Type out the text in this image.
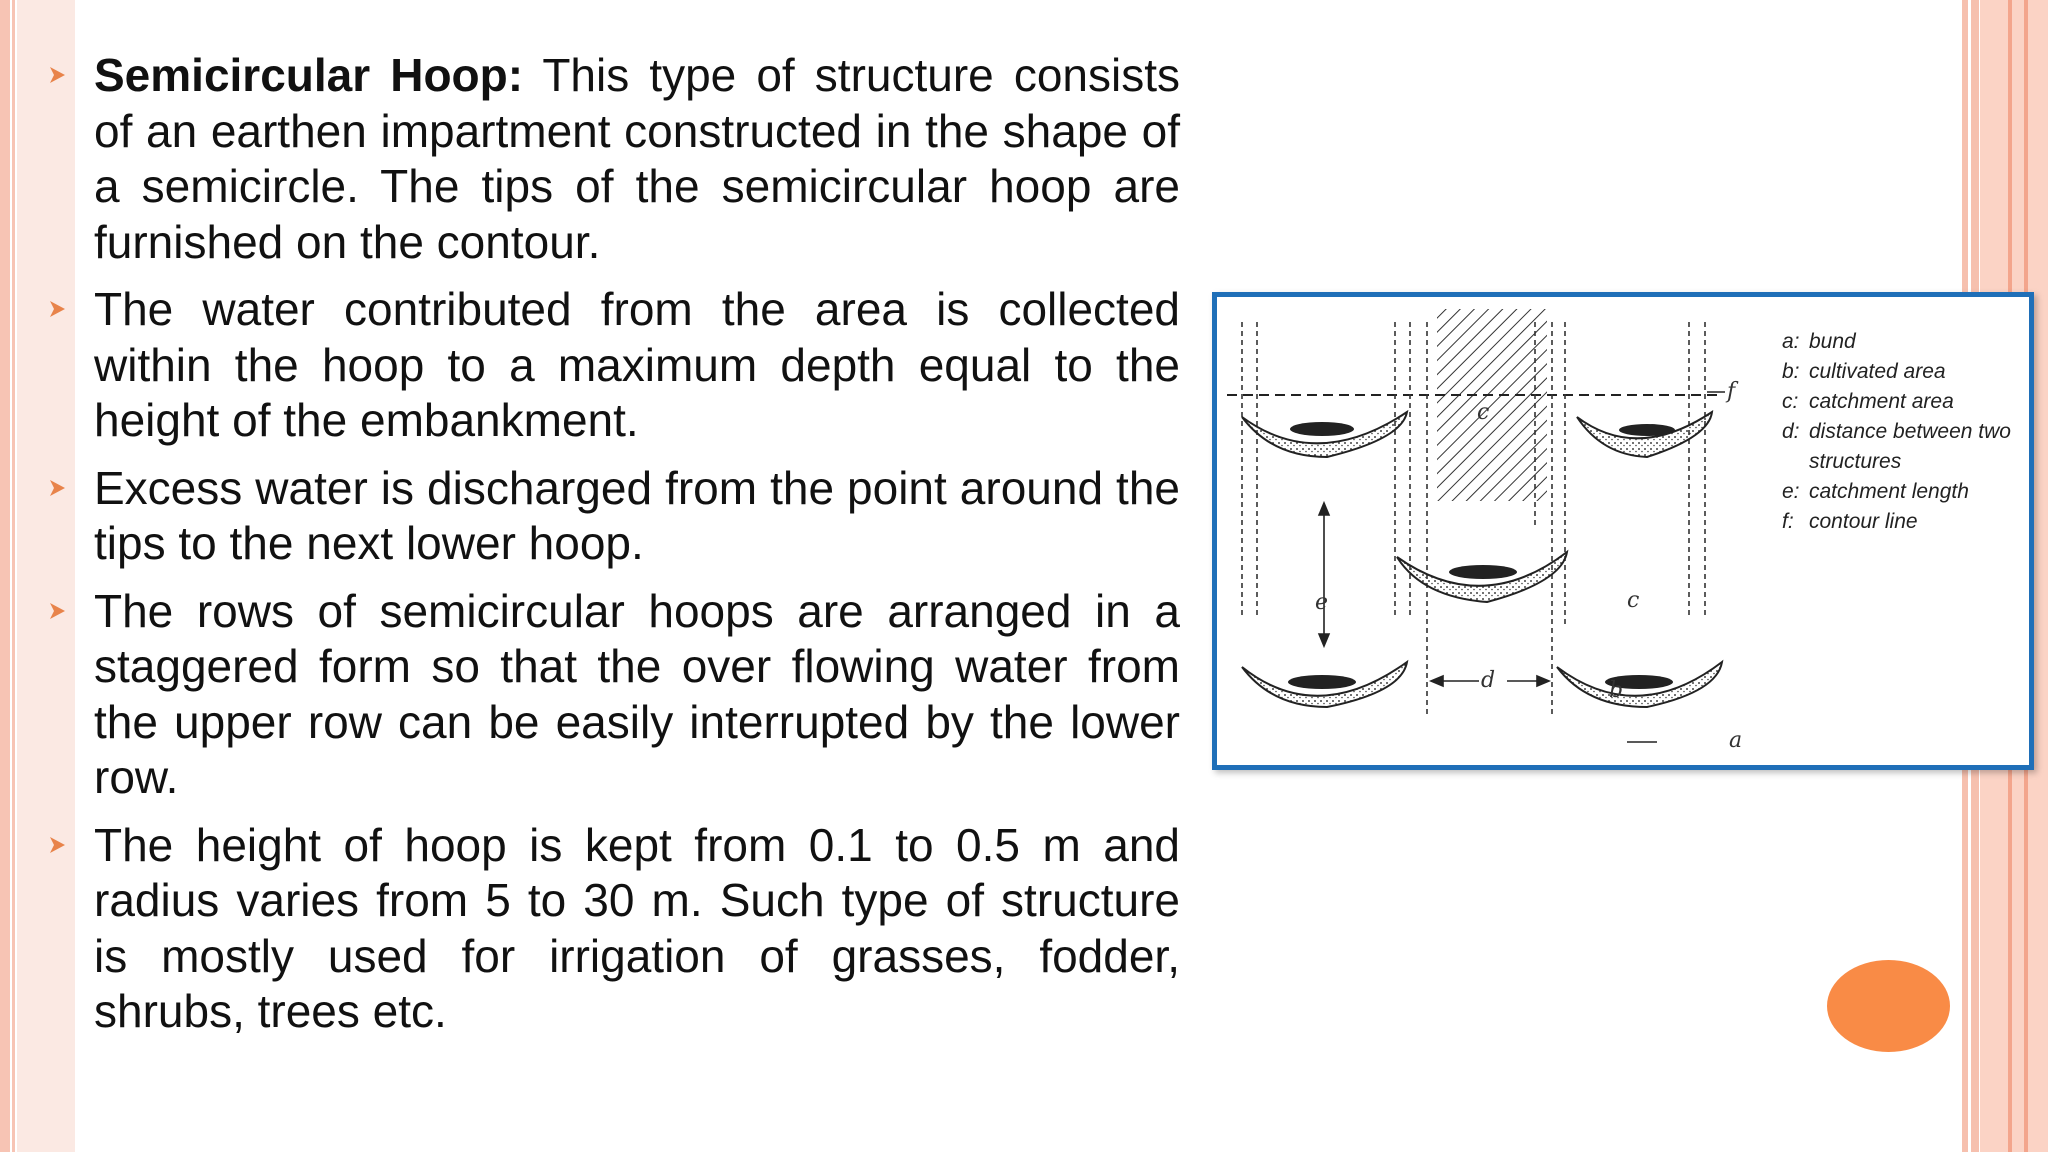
Semicircular Hoop: This type of structure consists of an earthen impartment constructed in the shape of a semicircle. The tips of the semicircular hoop are furnished on the contour.
The water contributed from the area is collected within the hoop to a maximum depth equal to the height of the embankment.
Excess water is discharged from the point around the tips to the next lower hoop.
The rows of semicircular hoops are arranged in a staggered form so that the over flowing water from the upper row can be easily interrupted by the lower row.
The height of hoop is kept from 0.1 to 0.5 m and radius varies from 5 to 30 m. Such type of structure is mostly used for irrigation of grasses, fodder, shrubs, trees etc.
c
e
d
c
b
f
a
a: bund
b: cultivated area
c: catchment area
d: distance between two structures
e: catchment length
f: contour line
